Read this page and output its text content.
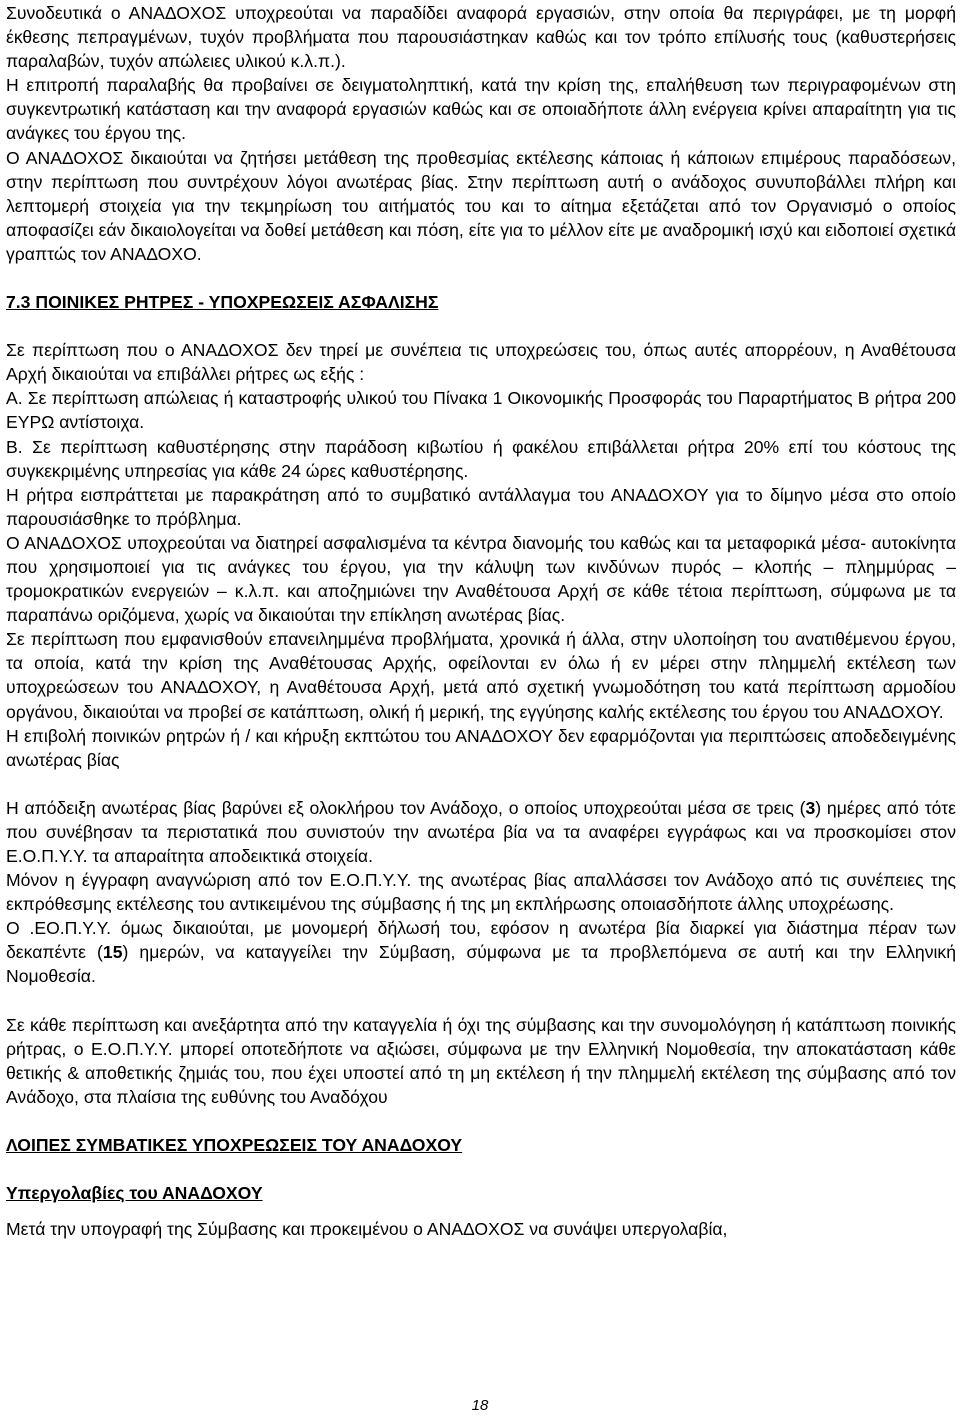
Συνοδευτικά ο ΑΝΑΔΟΧΟΣ υποχρεούται να παραδίδει αναφορά εργασιών, στην οποία θα περιγράφει, με τη μορφή έκθεσης πεπραγμένων, τυχόν προβλήματα που παρουσιάστηκαν καθώς και τον τρόπο επίλυσής τους (καθυστερήσεις παραλαβών, τυχόν απώλειες υλικού κ.λ.π.).

Η επιτροπή παραλαβής θα προβαίνει σε δειγματοληπτική, κατά την κρίση της, επαλήθευση των περιγραφομένων στη συγκεντρωτική κατάσταση και την αναφορά εργασιών καθώς και σε οποιαδήποτε άλλη ενέργεια κρίνει απαραίτητη για τις ανάγκες του έργου της.

Ο ΑΝΑΔΟΧΟΣ δικαιούται να ζητήσει μετάθεση της προθεσμίας εκτέλεσης κάποιας ή κάποιων επιμέρους παραδόσεων, στην περίπτωση που συντρέχουν λόγοι ανωτέρας βίας. Στην περίπτωση αυτή ο ανάδοχος συνυποβάλλει πλήρη και λεπτομερή στοιχεία για την τεκμηρίωση του αιτήματός του και το αίτημα εξετάζεται από τον Οργανισμό ο οποίος αποφασίζει εάν δικαιολογείται να δοθεί μετάθεση και πόση, είτε για το μέλλον είτε με αναδρομική ισχύ και ειδοποιεί σχετικά γραπτώς τον ΑΝΑΔΟΧΟ.

7.3 ΠΟΙΝΙΚΕΣ ΡΗΤΡΕΣ - ΥΠΟΧΡΕΩΣΕΙΣ ΑΣΦΑΛΙΣΗΣ

Σε περίπτωση που ο ΑΝΑΔΟΧΟΣ δεν τηρεί με συνέπεια τις υποχρεώσεις του, όπως αυτές απορρέουν, η Αναθέτουσα Αρχή δικαιούται να επιβάλλει ρήτρες ως εξής :

Α. Σε περίπτωση απώλειας ή καταστροφής υλικού του Πίνακα 1 Οικονομικής Προσφοράς του Παραρτήματος Β ρήτρα 200 ΕΥΡΩ αντίστοιχα.

Β. Σε περίπτωση καθυστέρησης στην παράδοση κιβωτίου ή φακέλου επιβάλλεται ρήτρα 20% επί του κόστους της συγκεκριμένης υπηρεσίας για κάθε 24 ώρες καθυστέρησης.

Η ρήτρα εισπράττεται με παρακράτηση από το συμβατικό αντάλλαγμα του ΑΝΑΔΟΧΟΥ για το δίμηνο μέσα στο οποίο παρουσιάσθηκε το πρόβλημα.

Ο ΑΝΑΔΟΧΟΣ υποχρεούται να διατηρεί ασφαλισμένα τα κέντρα διανομής του καθώς και τα μεταφορικά μέσα- αυτοκίνητα που χρησιμοποιεί για τις ανάγκες του έργου, για την κάλυψη των κινδύνων πυρός – κλοπής – πλημμύρας – τρομοκρατικών ενεργειών – κ.λ.π. και αποζημιώνει την Αναθέτουσα Αρχή σε κάθε τέτοια περίπτωση, σύμφωνα με τα παραπάνω οριζόμενα, χωρίς να δικαιούται την επίκληση ανωτέρας βίας.

Σε περίπτωση που εμφανισθούν επανειλημμένα προβλήματα, χρονικά ή άλλα, στην υλοποίηση του ανατιθέμενου έργου, τα οποία, κατά την κρίση της Αναθέτουσας Αρχής, οφείλονται εν όλω ή εν μέρει στην πλημμελή εκτέλεση των υποχρεώσεων του ΑΝΑΔΟΧΟΥ, η Αναθέτουσα Αρχή, μετά από σχετική γνωμοδότηση του κατά περίπτωση αρμοδίου οργάνου, δικαιούται να προβεί σε κατάπτωση, ολική ή μερική, της εγγύησης καλής εκτέλεσης του έργου του ΑΝΑΔΟΧΟΥ.

Η επιβολή ποινικών ρητρών ή / και κήρυξη εκπτώτου του ΑΝΑΔΟΧΟΥ δεν εφαρμόζονται για περιπτώσεις αποδεδειγμένης ανωτέρας βίας

Η απόδειξη ανωτέρας βίας βαρύνει εξ ολοκλήρου τον Ανάδοχο, ο οποίος υποχρεούται μέσα σε τρεις (3) ημέρες από τότε που συνέβησαν τα περιστατικά που συνιστούν την ανωτέρα βία να τα αναφέρει εγγράφως και να προσκομίσει στον Ε.Ο.Π.Υ.Υ. τα απαραίτητα αποδεικτικά στοιχεία.

Μόνον η έγγραφη αναγνώριση από τον Ε.Ο.Π.Υ.Υ. της ανωτέρας βίας απαλλάσσει τον Ανάδοχο από τις συνέπειες της εκπρόθεσμης εκτέλεσης του αντικειμένου της σύμβασης ή της μη εκπλήρωσης οποιασδήποτε άλλης υποχρέωσης.

Ο .ΕΟ.Π.Υ.Υ. όμως δικαιούται, με μονομερή δήλωσή του, εφόσον η ανωτέρα βία διαρκεί για διάστημα πέραν των δεκαπέντε (15) ημερών, να καταγγείλει την Σύμβαση, σύμφωνα με τα προβλεπόμενα σε αυτή και την Ελληνική Νομοθεσία.

Σε κάθε περίπτωση και ανεξάρτητα από την καταγγελία ή όχι της σύμβασης και την συνομολόγηση ή κατάπτωση ποινικής ρήτρας, ο Ε.Ο.Π.Υ.Υ. μπορεί οποτεδήποτε να αξιώσει, σύμφωνα με την Ελληνική Νομοθεσία, την αποκατάσταση κάθε θετικής & αποθετικής ζημιάς του, που έχει υποστεί από τη μη εκτέλεση ή την πλημμελή εκτέλεση της σύμβασης από τον Ανάδοχο, στα πλαίσια της ευθύνης του Αναδόχου

ΛΟΙΠΕΣ ΣΥΜΒΑΤΙΚΕΣ ΥΠΟΧΡΕΩΣΕΙΣ ΤΟΥ ΑΝΑΔΟΧΟΥ

Υπεργολαβίες του ΑΝΑΔΟΧΟΥ

Μετά την υπογραφή της Σύμβασης και προκειμένου ο ΑΝΑΔΟΧΟΣ να συνάψει υπεργολαβία,

18
